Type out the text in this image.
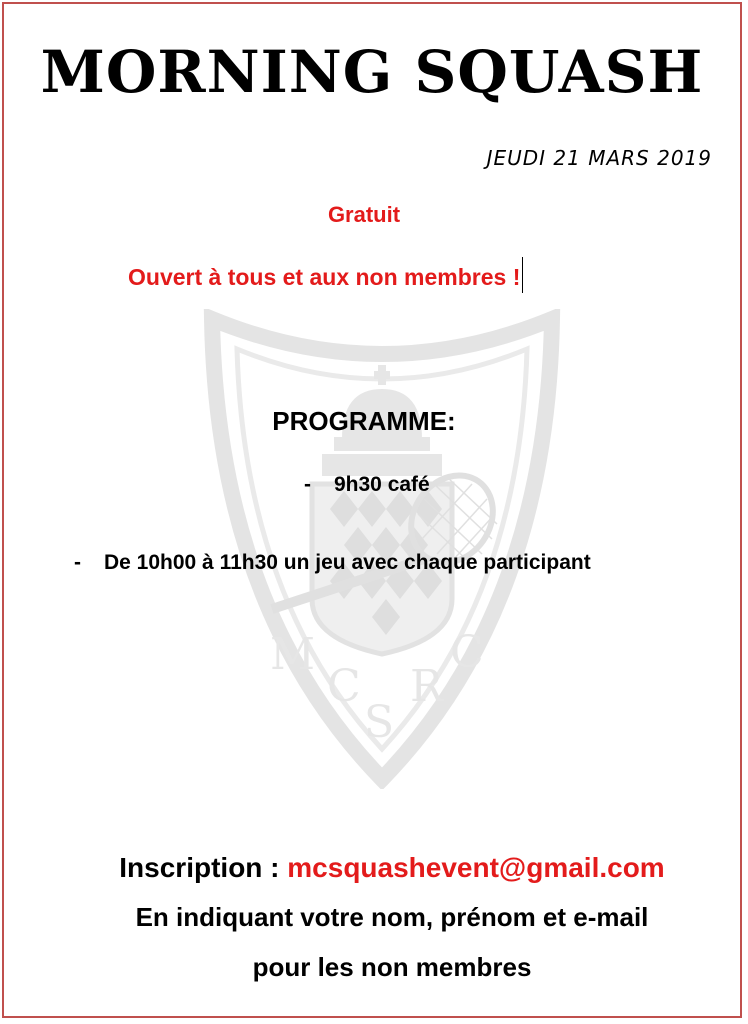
MORNING SQUASH
JEUDI 21 MARS 2019
Gratuit
Ouvert à tous et aux non membres !
M	C
C R
S
PROGRAMME:
- 9h30 café
- De 10h00 à 11h30 un jeu avec chaque participant
Inscription : mcsquashevent@gmail.com
En indiquant votre nom, prénom et e-mail
pour les non membres
